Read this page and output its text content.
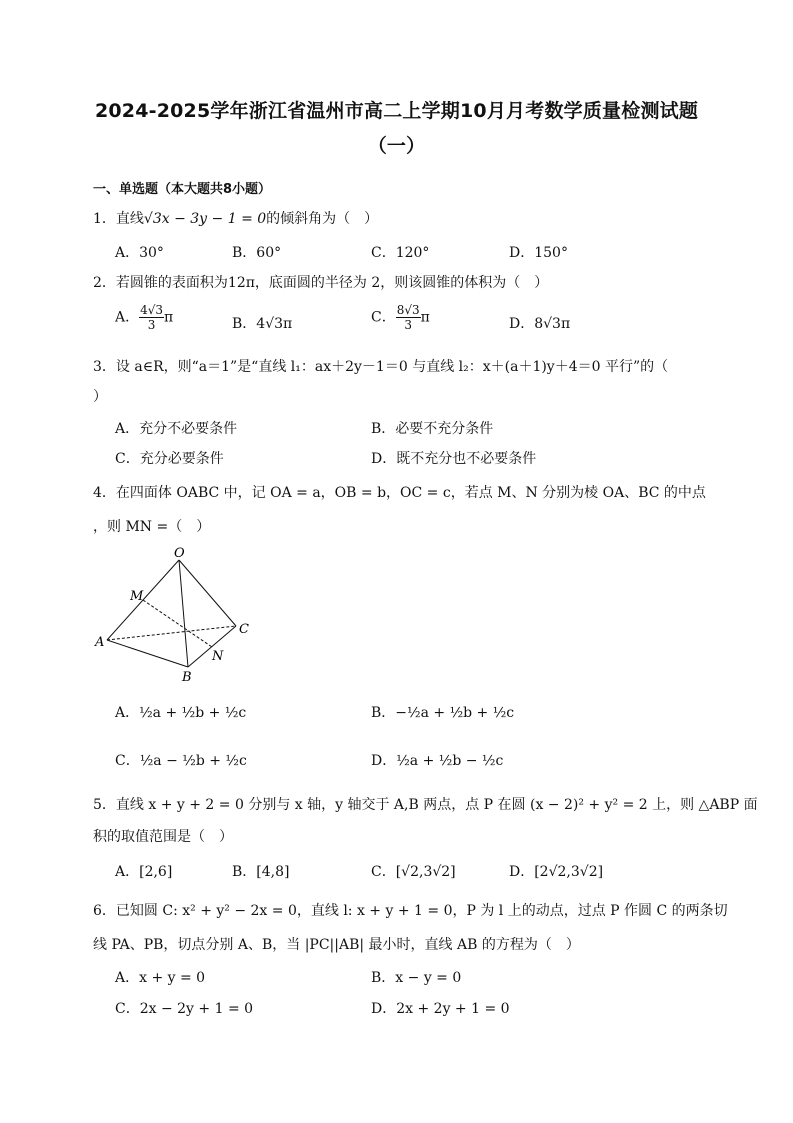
2024-2025学年浙江省温州市高二上学期10月月考数学质量检测试题
（一）
一、单选题（本大题共8小题）
1．直线√3x − 3y − 1 = 0的倾斜角为（　）
A．30°	B．60°	C．120°	D．150°
2．若圆锥的表面积为12π，底面圆的半径为 2，则该圆锥的体积为（　）
A． $\frac{4√3}{3}$ π	B．4√3π	C． $\frac{8√3}{3}$ π	D．8√3π
3．设 a∈R，则“a＝1”是“直线 l₁：ax＋2y－1＝0 与直线 l₂：x＋(a＋1)y＋4＝0 平行”的（
）
A．充分不必要条件	B．必要不充分条件
C．充分必要条件	D．既不充分也不必要条件
4．在四面体 OABC 中，记 OA = a，OB = b，OC = c，若点 M、N 分别为棱 OA、BC 的中点
，则 MN =（　）
O
M
A
B
N
C
A．½a + ½b + ½c	B．−½a + ½b + ½c
C．½a − ½b + ½c	D．½a + ½b − ½c
5．直线 x + y + 2 = 0 分别与 x 轴，y 轴交于 A,B 两点，点 P 在圆 (x − 2)² + y² = 2 上，则 △ABP 面
积的取值范围是（　）
A．[2,6]	B．[4,8]	C．[√2,3√2]	D．[2√2,3√2]
6．已知圆 C: x² + y² − 2x = 0，直线 l: x + y + 1 = 0，P 为 l 上的动点，过点 P 作圆 C 的两条切
线 PA、PB，切点分别 A、B，当 |PC||AB| 最小时，直线 AB 的方程为（　）
A．x + y = 0	B．x − y = 0
C．2x − 2y + 1 = 0	D．2x + 2y + 1 = 0
